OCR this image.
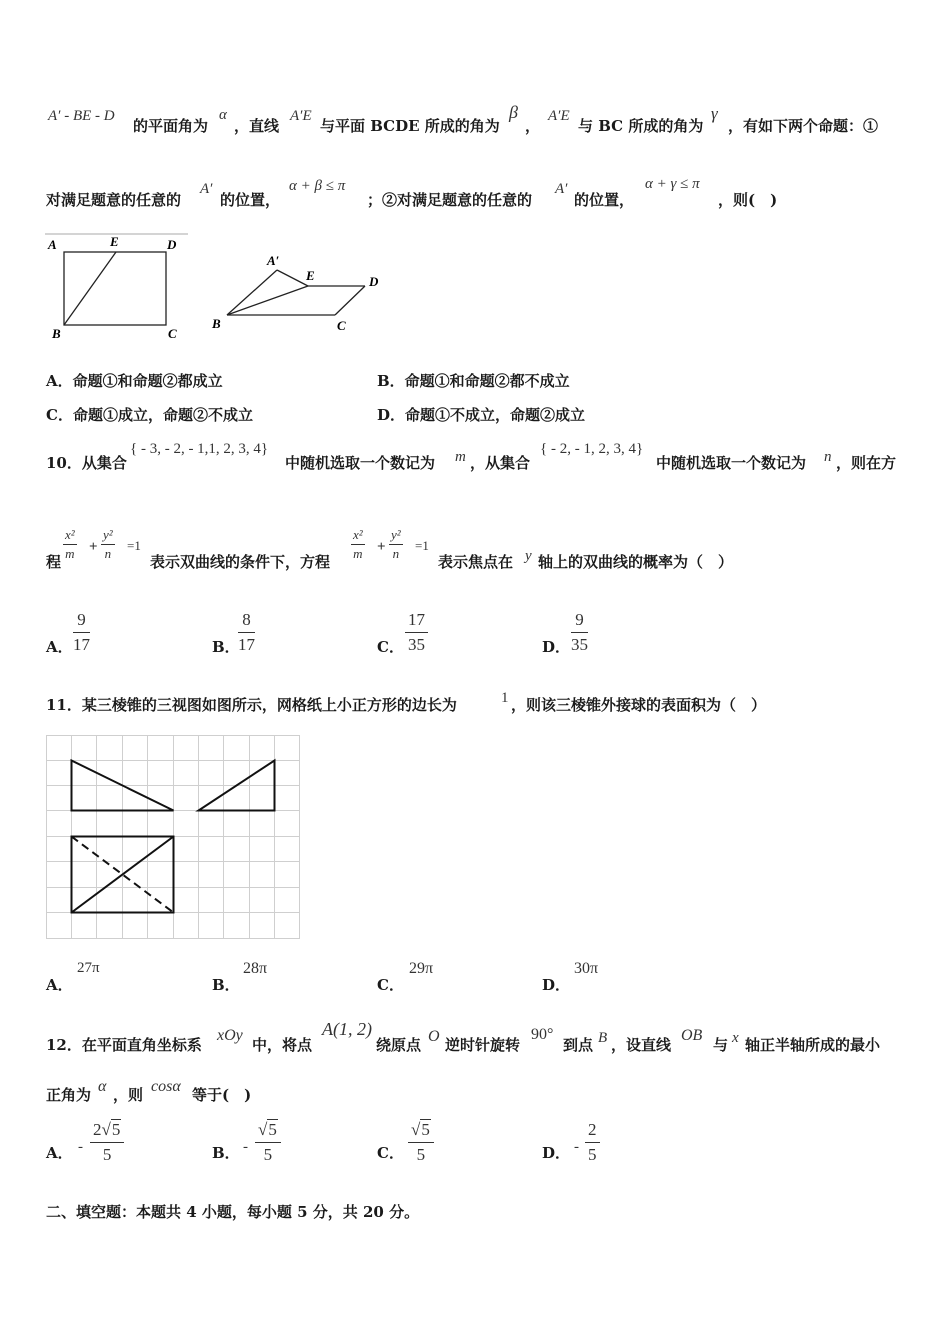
A′ - BE - D
的平面角为
α
，直线
A′E
与平面 BCDE 所成的角为
β
，
A′E
与 BC 所成的角为
γ
，有如下两个命题：①
对满足题意的任意的
A′
的位置，
α + β ≤ π
；②对满足题意的任意的
A′
的位置，
α + γ ≤ π
，则(　)
A	E	D
B	C
A′
E	D
B	C
A．命题①和命题②都成立	B．命题①和命题②都不成立
C．命题①成立，命题②不成立	D．命题①不成立，命题②成立
10．从集合
{ - 3, - 2, - 1,1, 2, 3, 4}
中随机选取一个数记为 m ，从集合
{ - 2, - 1, 2, 3, 4}
中随机选取一个数记为 n ，则在方
程 $\frac{\text{x²}}{m} + \frac{\text{y²}}{n} =1$
表示双曲线的条件下，方程 $\frac{\text{x²}}{m} + \frac{\text{y²}}{n} =1$
表示焦点在 y 轴上的双曲线的概率为（　）
A． $\frac{9}{17}$	B．
$\frac{8}{17}$	C． $\frac{17}{35}$	D． $\frac{9}{35}$
11．某三棱锥的三视图如图所示，网格纸上小正方形的边长为	1 ，则该三棱锥外接球的表面积为（　）
A．
27π
B．
28π
C．
29π
D．
30π
12．在平面直角坐标系
xOy
中，将点
A(1, 2)
绕原点 O 逆时针旋转
90°
到点 B ，设直线
OB
与 x 轴正半轴所成的最小
正角为 α ，则 cosα 等于(　)
A． - $\frac{2√5}{5}$	B． - $\frac{√5}{5}$	C． $\frac{√5}{5}$	D． - $\frac{2}{5}$
二、填空题：本题共 4 小题，每小题 5 分，共 20 分。
